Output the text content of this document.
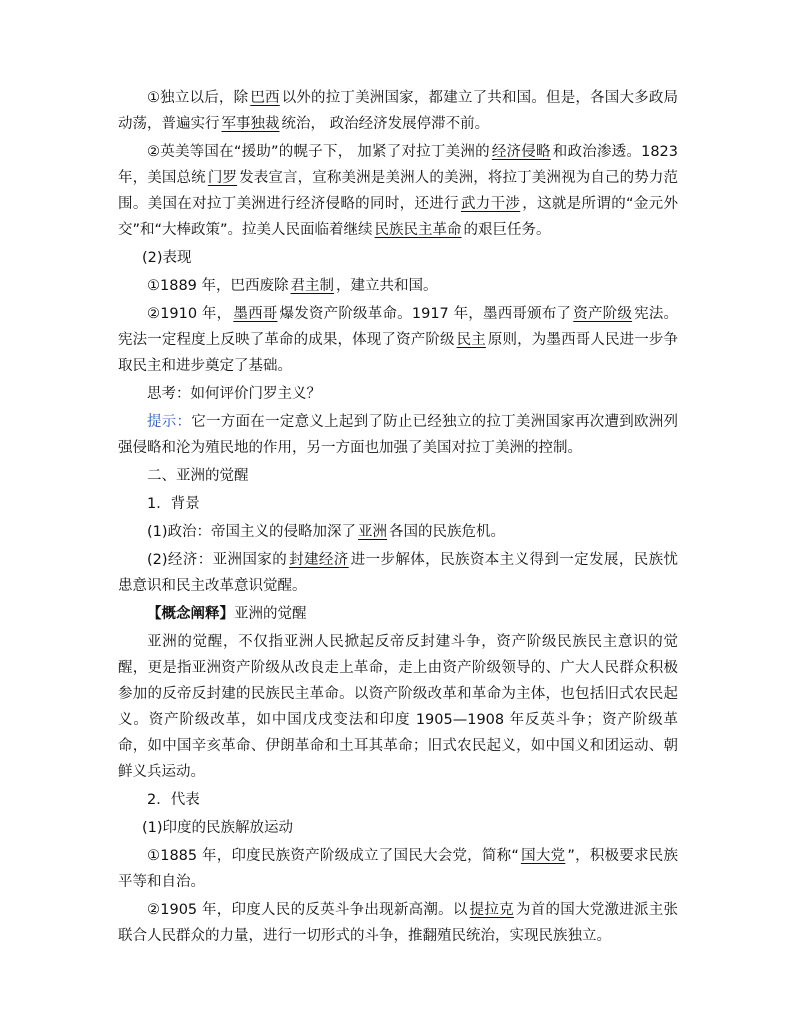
①独立以后，除 巴西 以外的拉丁美洲国家，都建立了共和国。但是，各国大多政局动荡，普遍实行 军事独裁 统治， 政治经济发展停滞不前。

②英美等国在“援助”的幌子下， 加紧了对拉丁美洲的 经济侵略 和政治渗透。1823 年，美国总统 门罗 发表宣言，宣称美洲是美洲人的美洲，将拉丁美洲视为自己的势力范围。美国在对拉丁美洲进行经济侵略的同时，还进行 武力干涉 ，这就是所谓的“金元外交”和“大棒政策”。拉美人民面临着继续 民族民主革命 的艰巨任务。

(2)表现

①1889 年，巴西废除 君主制 ，建立共和国。

②1910 年， 墨西哥 爆发资产阶级革命。1917 年，墨西哥颁布了 资产阶级 宪法。宪法一定程度上反映了革命的成果，体现了资产阶级 民主 原则，为墨西哥人民进一步争取民主和进步奠定了基础。

思考：如何评价门罗主义？

提示：它一方面在一定意义上起到了防止已经独立的拉丁美洲国家再次遭到欧洲列强侵略和沦为殖民地的作用，另一方面也加强了美国对拉丁美洲的控制。

二、亚洲的觉醒

1．背景

(1)政治：帝国主义的侵略加深了 亚洲 各国的民族危机。

(2)经济：亚洲国家的 封建经济 进一步解体，民族资本主义得到一定发展，民族忧患意识和民主改革意识觉醒。

【概念阐释】亚洲的觉醒

亚洲的觉醒，不仅指亚洲人民掀起反帝反封建斗争，资产阶级民族民主意识的觉醒，更是指亚洲资产阶级从改良走上革命，走上由资产阶级领导的、广大人民群众积极参加的反帝反封建的民族民主革命。以资产阶级改革和革命为主体，也包括旧式农民起义。资产阶级改革，如中国戊戌变法和印度 1905—1908 年反英斗争；资产阶级革命，如中国辛亥革命、伊朗革命和土耳其革命；旧式农民起义，如中国义和团运动、朝鲜义兵运动。

2．代表

(1)印度的民族解放运动

①1885 年，印度民族资产阶级成立了国民大会党，简称“ 国大党 ”，积极要求民族平等和自治。

②1905 年，印度人民的反英斗争出现新高潮。以 提拉克 为首的国大党激进派主张联合人民群众的力量，进行一切形式的斗争，推翻殖民统治，实现民族独立。
